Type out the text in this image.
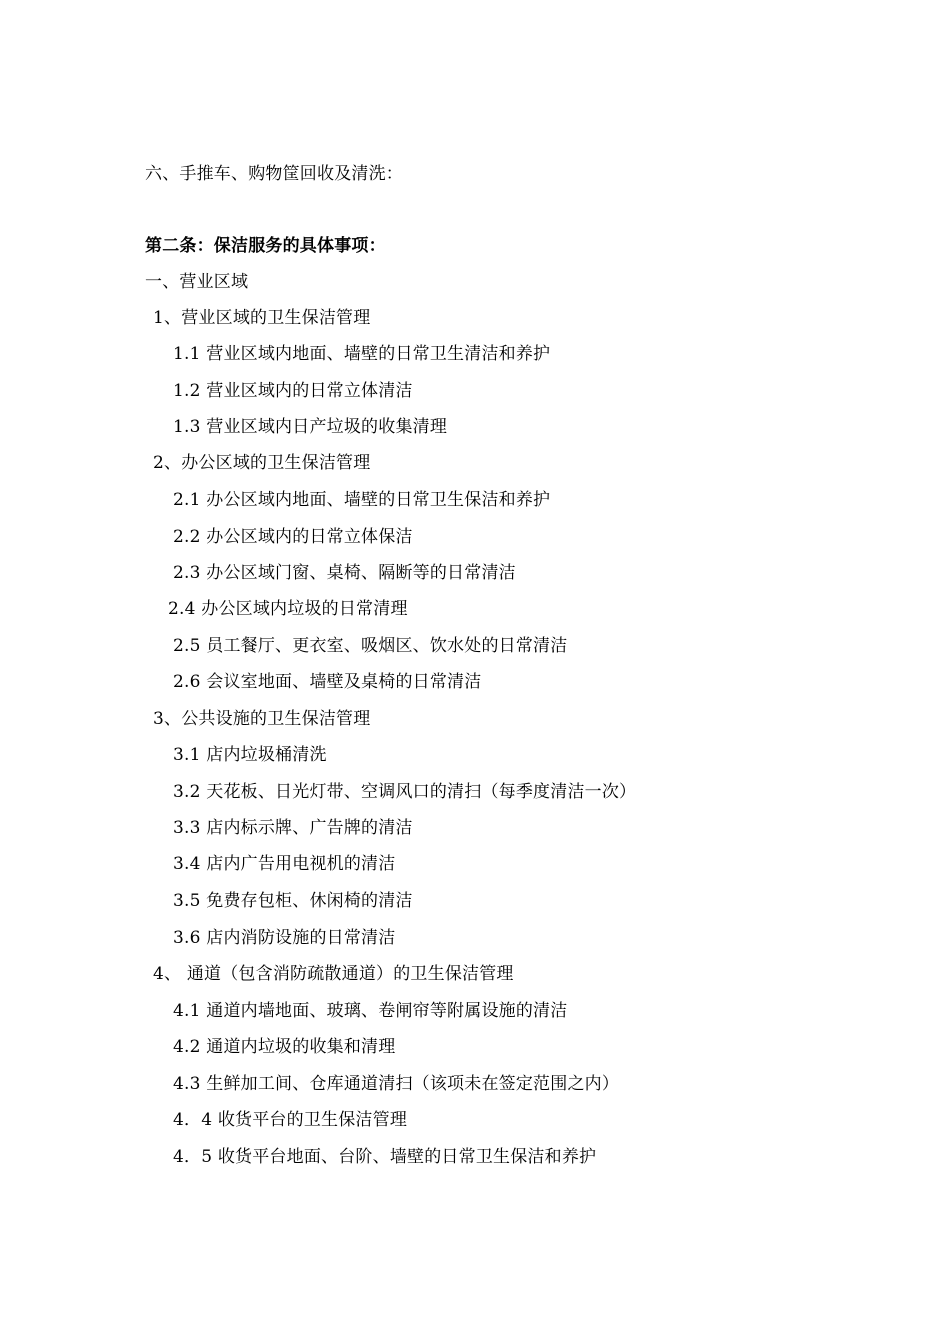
六、手推车、购物筐回收及清洗：
第二条：保洁服务的具体事项：
一、营业区域
1、营业区域的卫生保洁管理
1.1 营业区域内地面、墙壁的日常卫生清洁和养护
1.2 营业区域内的日常立体清洁
1.3 营业区域内日产垃圾的收集清理
2、办公区域的卫生保洁管理
2.1 办公区域内地面、墙壁的日常卫生保洁和养护
2.2 办公区域内的日常立体保洁
2.3 办公区域门窗、桌椅、隔断等的日常清洁
2.4 办公区域内垃圾的日常清理
2.5 员工餐厅、更衣室、吸烟区、饮水处的日常清洁
2.6 会议室地面、墙壁及桌椅的日常清洁
3、公共设施的卫生保洁管理
3.1 店内垃圾桶清洗
3.2 天花板、日光灯带、空调风口的清扫（每季度清洁一次）
3.3 店内标示牌、广告牌的清洁
3.4 店内广告用电视机的清洁
3.5 免费存包柜、休闲椅的清洁
3.6 店内消防设施的日常清洁
4、 通道（包含消防疏散通道）的卫生保洁管理
4.1 通道内墙地面、玻璃、卷闸帘等附属设施的清洁
4.2 通道内垃圾的收集和清理
4.3 生鲜加工间、仓库通道清扫（该项未在签定范围之内）
4．4 收货平台的卫生保洁管理
4．5 收货平台地面、台阶、墙壁的日常卫生保洁和养护
